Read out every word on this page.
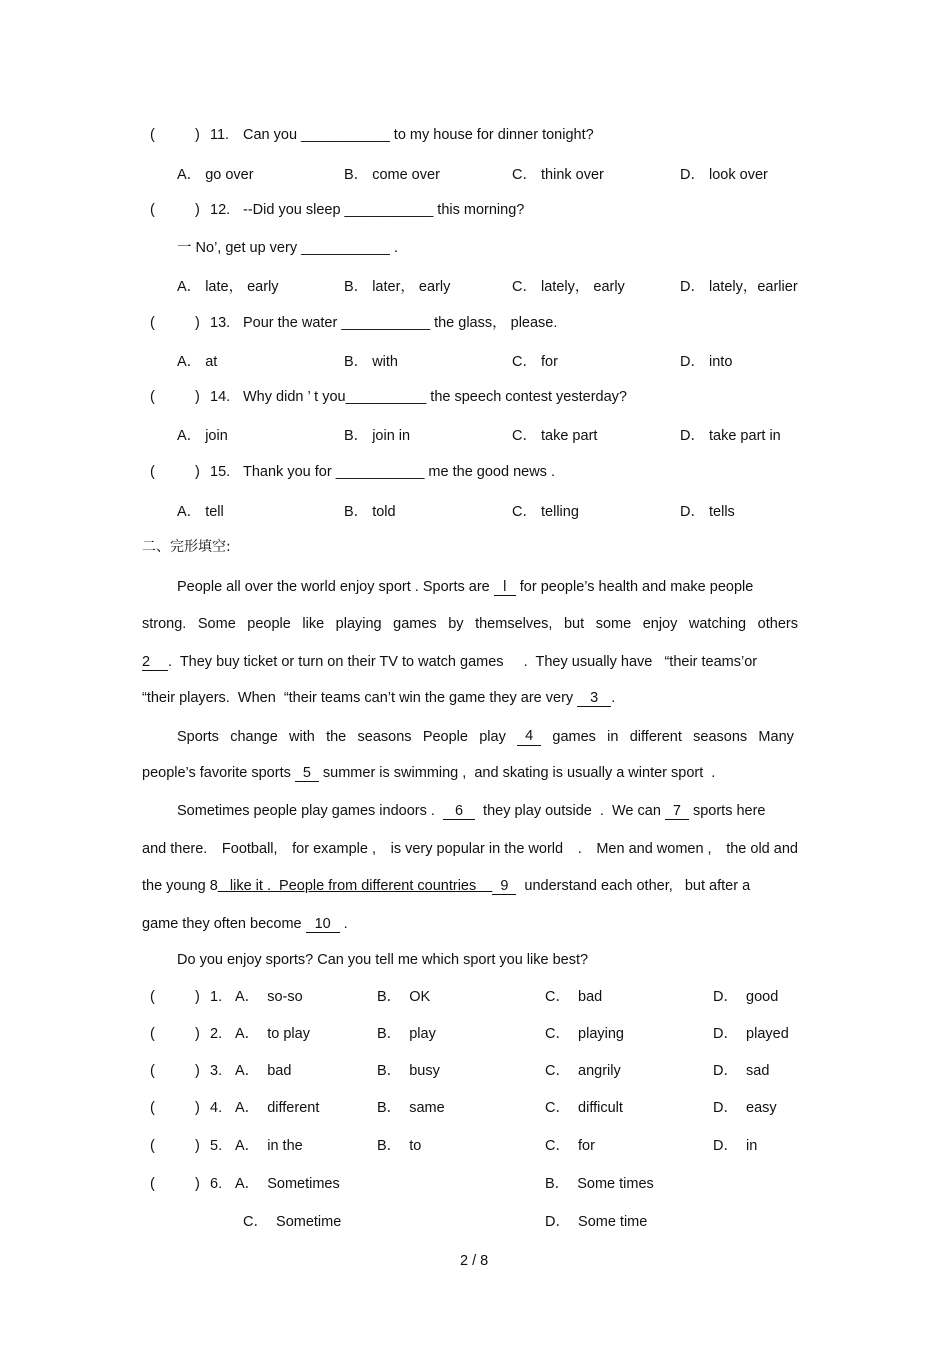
(	) 11. Can you ___________ to my house for dinner tonight?
A． go over	B． come over	C． think over	D． look over
(	) 12. --Did you sleep ___________ this morning?
一 No’, get up very ___________ .
A． late， early	B． later， early	C． lately， early	D． lately，earlier
(	) 13. Pour the water ___________ the glass， please.
A． at	B． with	C． for	D． into
(	) 14. Why didn ’ t you__________ the speech contest yesterday?
A． join	B． join in	C． take part	D． take part in
(	) 15. Thank you for ___________ me the good news .
A． tell	B． told	C． telling	D． tells
二、完形填空:
People all over the world enjoy sport . Sports are l for people’s health and make people
strong. Some people like playing games by themselves, but some enjoy watching others
2 .  They buy ticket or turn on their TV to watch games     .  They usually have   “their teams’or
“their players.  When  “their teams can’t win the game they are very 3 .
Sports change with the seasons People play	4	games in different seasons Many
people’s favorite sports 5 summer is swimming ,  and skating is usually a winter sport  .
Sometimes people play games indoors .  6  they play outside  .  We can 7 sports here
and there. Football, for example , is very popular in the world . Men and women , the old and
the young 8   like it .  People from different countries    9  understand each other,   but after a
game they often become 10 .
Do you enjoy sports? Can you tell me which sport you like best?
(	) 1. A．  so-so	B．  OK	C．  bad	D．  good
(	) 2. A．  to play	B．  play	C．  playing	D．  played
(	) 3. A．  bad	B．  busy	C．  angrily	D．  sad
(	) 4. A．  different	B．  same	C．  difficult	D．  easy
(	) 5. A．  in the	B．  to	C．  for	D．  in
(	) 6. A．  Sometimes	B．  Some times
C．  Sometime	D．  Some time
2 / 8
